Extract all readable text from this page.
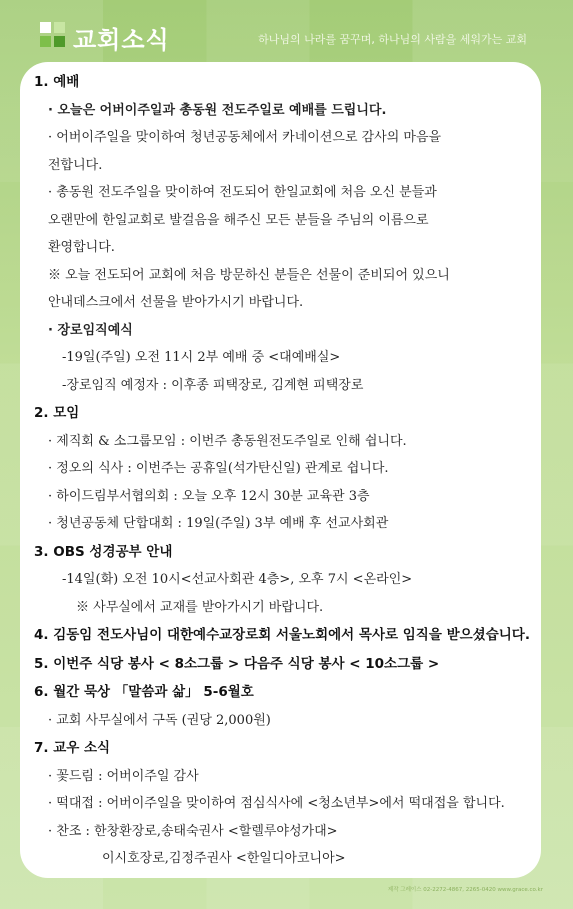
교회소식	하나님의 나라를 꿈꾸며, 하나님의 사람을 세워가는 교회
1. 예배
· 오늘은 어버이주일과 총동원 전도주일로 예배를 드립니다.
· 어버이주일을 맞이하여 청년공동체에서 카네이션으로 감사의 마음을
전합니다.
· 총동원 전도주일을 맞이하여 전도되어 한일교회에 처음 오신 분들과
오랜만에 한일교회로 발걸음을 해주신 모든 분들을 주님의 이름으로
환영합니다.
※ 오늘 전도되어 교회에 처음 방문하신 분들은 선물이 준비되어 있으니
안내데스크에서 선물을 받아가시기 바랍니다.
· 장로임직예식
-19일(주일) 오전 11시 2부 예배 중 <대예배실>
-장로임직 예정자 : 이후종 피택장로, 김계현 피택장로
2. 모임
· 제직회 & 소그룹모임 : 이번주 총동원전도주일로 인해 쉽니다.
· 정오의 식사 : 이번주는 공휴일(석가탄신일) 관계로 쉽니다.
· 하이드림부서협의회 : 오늘 오후 12시 30분 교육관 3층
· 청년공동체 단합대회 : 19일(주일) 3부 예배 후 선교사회관
3. OBS 성경공부 안내
-14일(화) 오전 10시<선교사회관 4층>, 오후 7시 <온라인>
※ 사무실에서 교재를 받아가시기 바랍니다.
4. 김동임 전도사님이 대한예수교장로회 서울노회에서 목사로 임직을 받으셨습니다.
5. 이번주 식당 봉사 < 8소그룹 > 다음주 식당 봉사 < 10소그룹 >
6. 월간 묵상 「말씀과 삶」 5-6월호
· 교회 사무실에서 구독 (권당 2,000원)
7. 교우 소식
· 꽃드림 : 어버이주일 감사
· 떡대접 : 어버이주일을 맞이하여 점심식사에 <청소년부>에서 떡대접을 합니다.
· 찬조 : 한창환장로,송태숙권사 <할렐루야성가대>
이시호장로,김정주권사 <한일디아코니아>
제작 그레이스 02-2272-4867, 2265-0420 www.grace.co.kr
